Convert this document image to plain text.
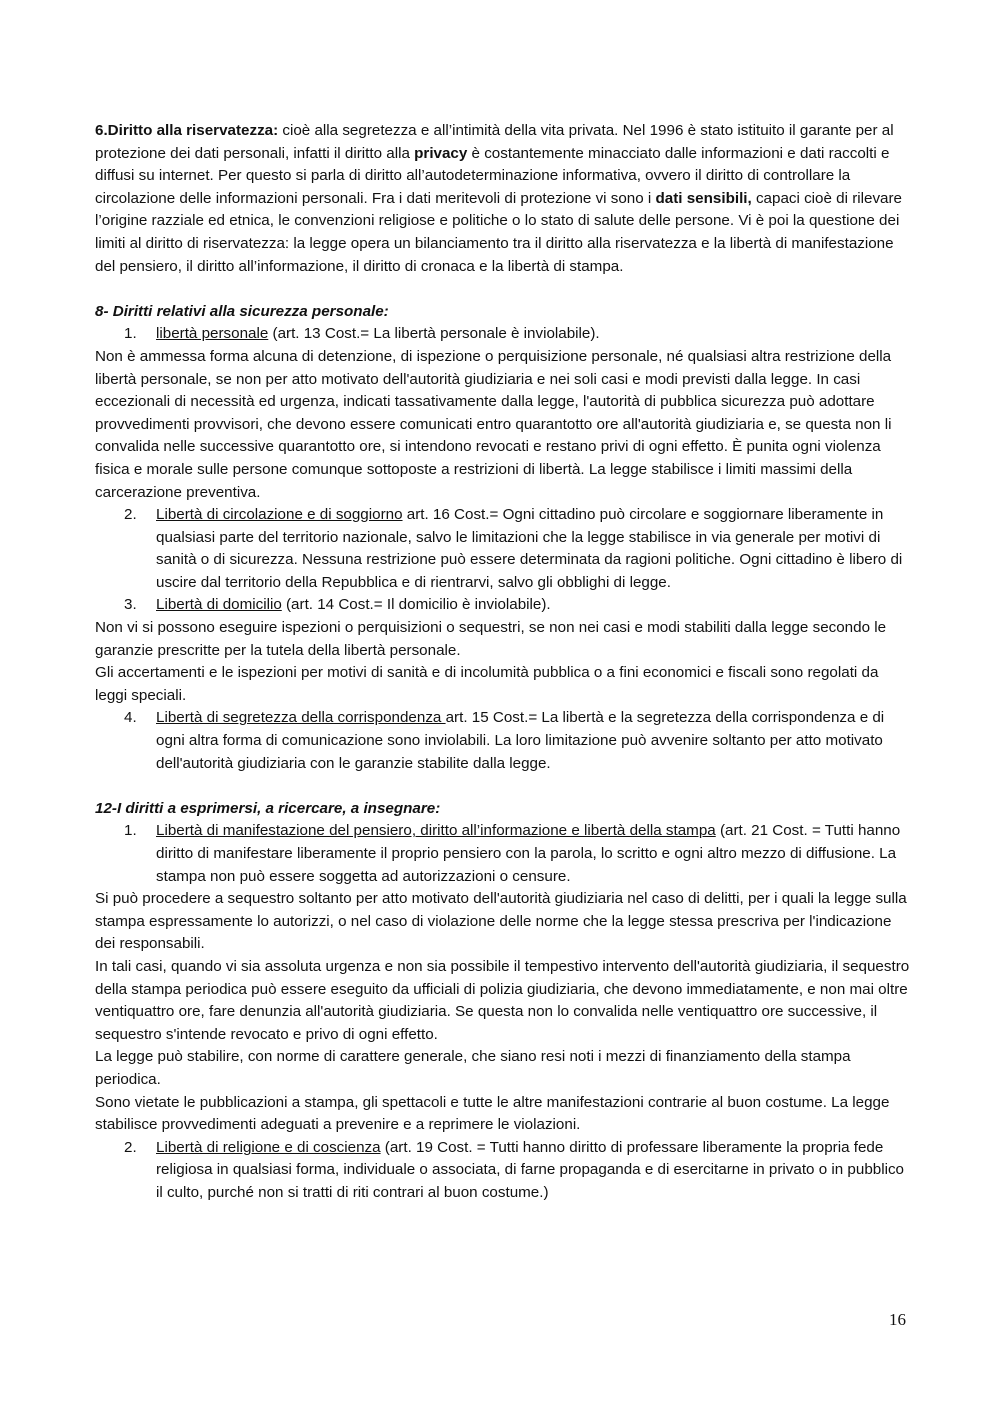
6.Diritto alla riservatezza: cioè alla segretezza e all’intimità della vita privata. Nel 1996 è stato istituito il garante per al protezione dei dati personali, infatti il diritto alla privacy è costantemente minacciato dalle informazioni e dati raccolti e diffusi su internet. Per questo si parla di diritto all’autodeterminazione informativa, ovvero il diritto di controllare la circolazione delle informazioni personali. Fra i dati meritevoli di protezione vi sono i dati sensibili, capaci cioè di rilevare l’origine razziale ed etnica, le convenzioni religiose e politiche o lo stato di salute delle persone. Vi è poi la questione dei limiti al diritto di riservatezza: la legge opera un bilanciamento tra il diritto alla riservatezza e la libertà di manifestazione del pensiero, il diritto all’informazione, il diritto di cronaca e la libertà di stampa.

8- Diritti relativi alla sicurezza personale:

1. libertà personale (art. 13 Cost.= La libertà personale è inviolabile).

Non è ammessa forma alcuna di detenzione, di ispezione o perquisizione personale, né qualsiasi altra restrizione della libertà personale, se non per atto motivato dell'autorità giudiziaria e nei soli casi e modi previsti dalla legge. In casi eccezionali di necessità ed urgenza, indicati tassativamente dalla legge, l'autorità di pubblica sicurezza può adottare provvedimenti provvisori, che devono essere comunicati entro quarantotto ore all'autorità giudiziaria e, se questa non li convalida nelle successive quarantotto ore, si intendono revocati e restano privi di ogni effetto. È punita ogni violenza fisica e morale sulle persone comunque sottoposte a restrizioni di libertà. La legge stabilisce i limiti massimi della carcerazione preventiva.

2. Libertà di circolazione e di soggiorno art. 16 Cost.= Ogni cittadino può circolare e soggiornare liberamente in qualsiasi parte del territorio nazionale, salvo le limitazioni che la legge stabilisce in via generale per motivi di sanità o di sicurezza. Nessuna restrizione può essere determinata da ragioni politiche. Ogni cittadino è libero di uscire dal territorio della Repubblica e di rientrarvi, salvo gli obblighi di legge.
3. Libertà di domicilio (art. 14 Cost.= Il domicilio è inviolabile).

Non vi si possono eseguire ispezioni o perquisizioni o sequestri, se non nei casi e modi stabiliti dalla legge secondo le garanzie prescritte per la tutela della libertà personale.

Gli accertamenti e le ispezioni per motivi di sanità e di incolumità pubblica o a fini economici e fiscali sono regolati da leggi speciali.

4. Libertà di segretezza della corrispondenza art. 15 Cost.= La libertà e la segretezza della corrispondenza e di ogni altra forma di comunicazione sono inviolabili. La loro limitazione può avvenire soltanto per atto motivato dell'autorità giudiziaria con le garanzie stabilite dalla legge.

12-I diritti a esprimersi, a ricercare, a insegnare:

1. Libertà di manifestazione del pensiero, diritto all’informazione e libertà della stampa (art. 21 Cost. = Tutti hanno diritto di manifestare liberamente il proprio pensiero con la parola, lo scritto e ogni altro mezzo di diffusione. La stampa non può essere soggetta ad autorizzazioni o censure.

Si può procedere a sequestro soltanto per atto motivato dell'autorità giudiziaria nel caso di delitti, per i quali la legge sulla stampa espressamente lo autorizzi, o nel caso di violazione delle norme che la legge stessa prescriva per l'indicazione dei responsabili.

In tali casi, quando vi sia assoluta urgenza e non sia possibile il tempestivo intervento dell'autorità giudiziaria, il sequestro della stampa periodica può essere eseguito da ufficiali di polizia giudiziaria, che devono immediatamente, e non mai oltre ventiquattro ore, fare denunzia all'autorità giudiziaria. Se questa non lo convalida nelle ventiquattro ore successive, il sequestro s'intende revocato e privo di ogni effetto.

La legge può stabilire, con norme di carattere generale, che siano resi noti i mezzi di finanziamento della stampa periodica.

Sono vietate le pubblicazioni a stampa, gli spettacoli e tutte le altre manifestazioni contrarie al buon costume. La legge stabilisce provvedimenti adeguati a prevenire e a reprimere le violazioni.

2. Libertà di religione e di coscienza (art. 19 Cost. = Tutti hanno diritto di professare liberamente la propria fede religiosa in qualsiasi forma, individuale o associata, di farne propaganda e di esercitarne in privato o in pubblico il culto, purché non si tratti di riti contrari al buon costume.)
16
